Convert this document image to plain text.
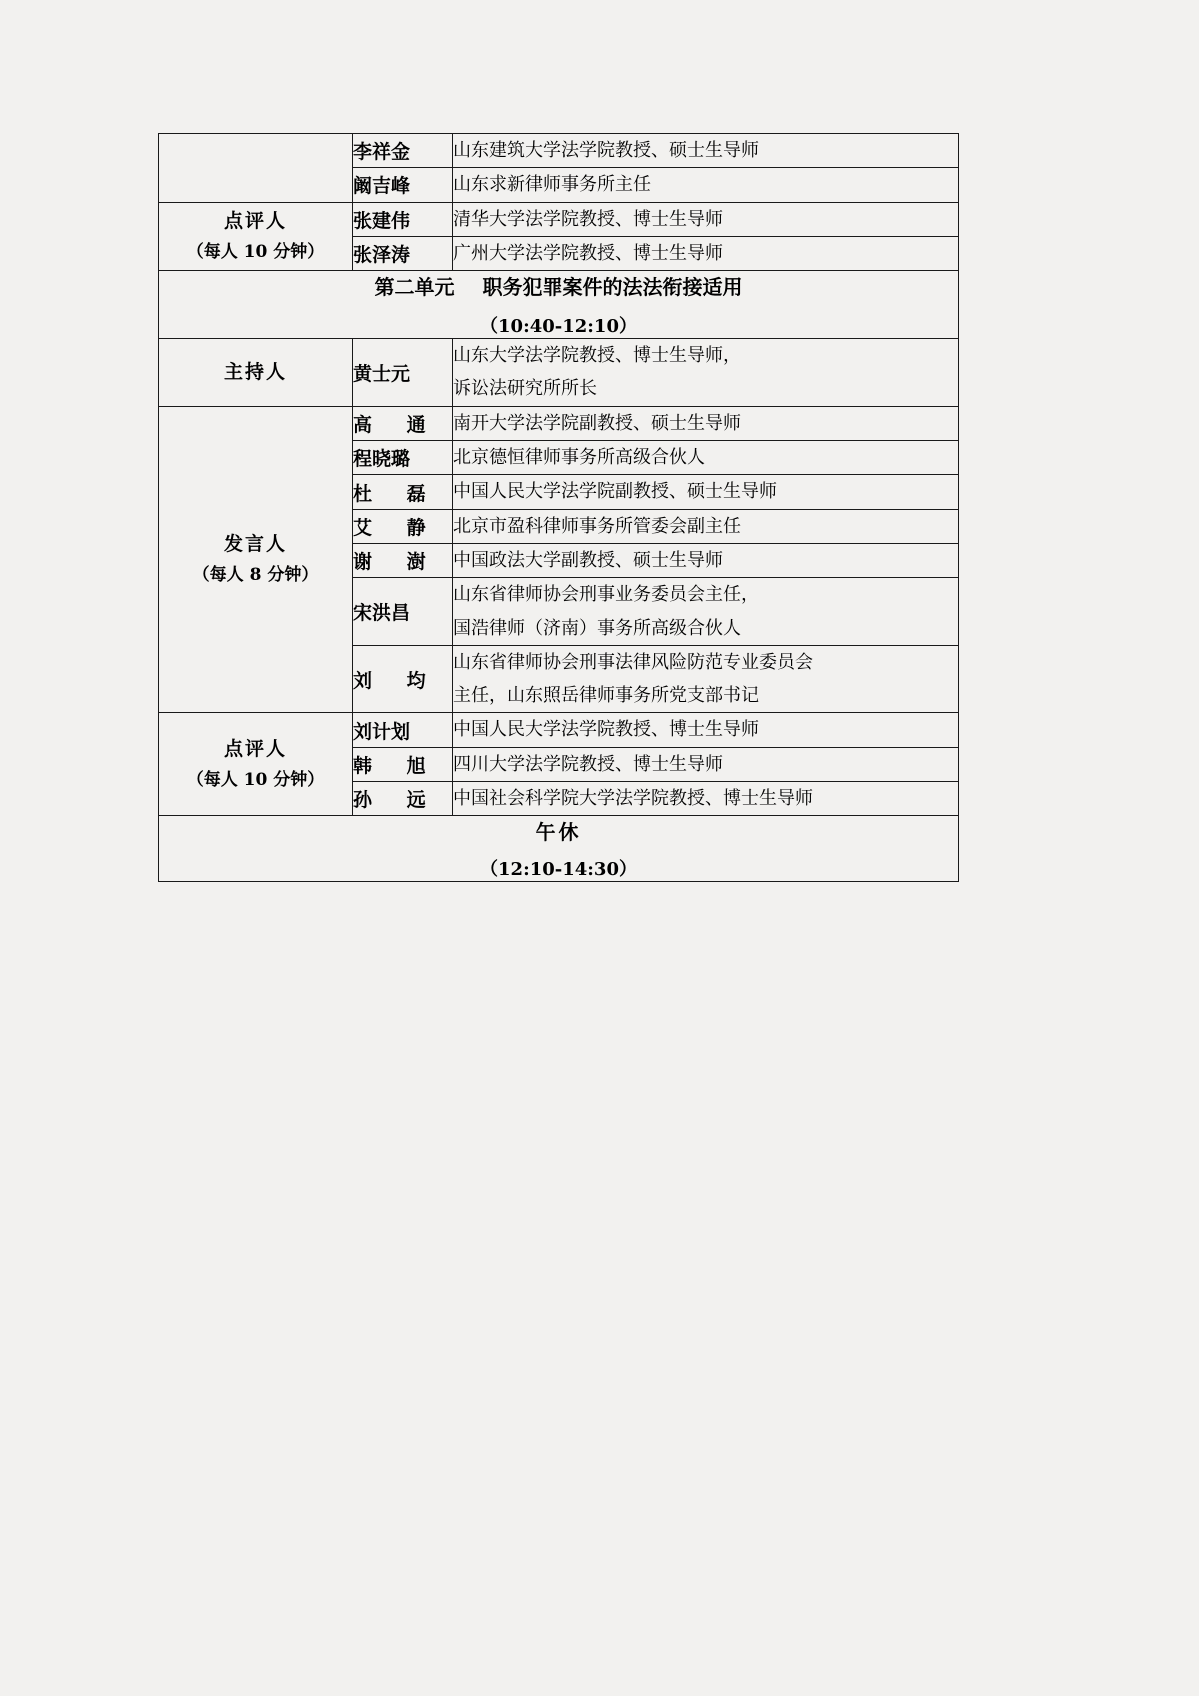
	李祥金	山东建筑大学法学院教授、硕士生导师

	阚吉峰	山东求新律师事务所主任

点评人
（每人 10 分钟）	张建伟	清华大学法学院教授、博士生导师

	张泽涛	广州大学法学院教授、博士生导师

第二单元 职务犯罪案件的法法衔接适用
（10:40-12:10）		

主持人	黄士元	山东大学法学院教授、博士生导师，
诉讼法研究所所长

发言人
（每人 8 分钟）	高 通	南开大学法学院副教授、硕士生导师

	程晓璐	北京德恒律师事务所高级合伙人

	杜 磊	中国人民大学法学院副教授、硕士生导师

	艾 静	北京市盈科律师事务所管委会副主任

	谢 澍	中国政法大学副教授、硕士生导师

	宋洪昌	山东省律师协会刑事业务委员会主任，
国浩律师（济南）事务所高级合伙人

	刘 均	山东省律师协会刑事法律风险防范专业委员会
主任，山东照岳律师事务所党支部书记

点评人
（每人 10 分钟）	刘计划	中国人民大学法学院教授、博士生导师

	韩 旭	四川大学法学院教授、博士生导师

	孙 远	中国社会科学院大学法学院教授、博士生导师

午休
（12:10-14:30）		
